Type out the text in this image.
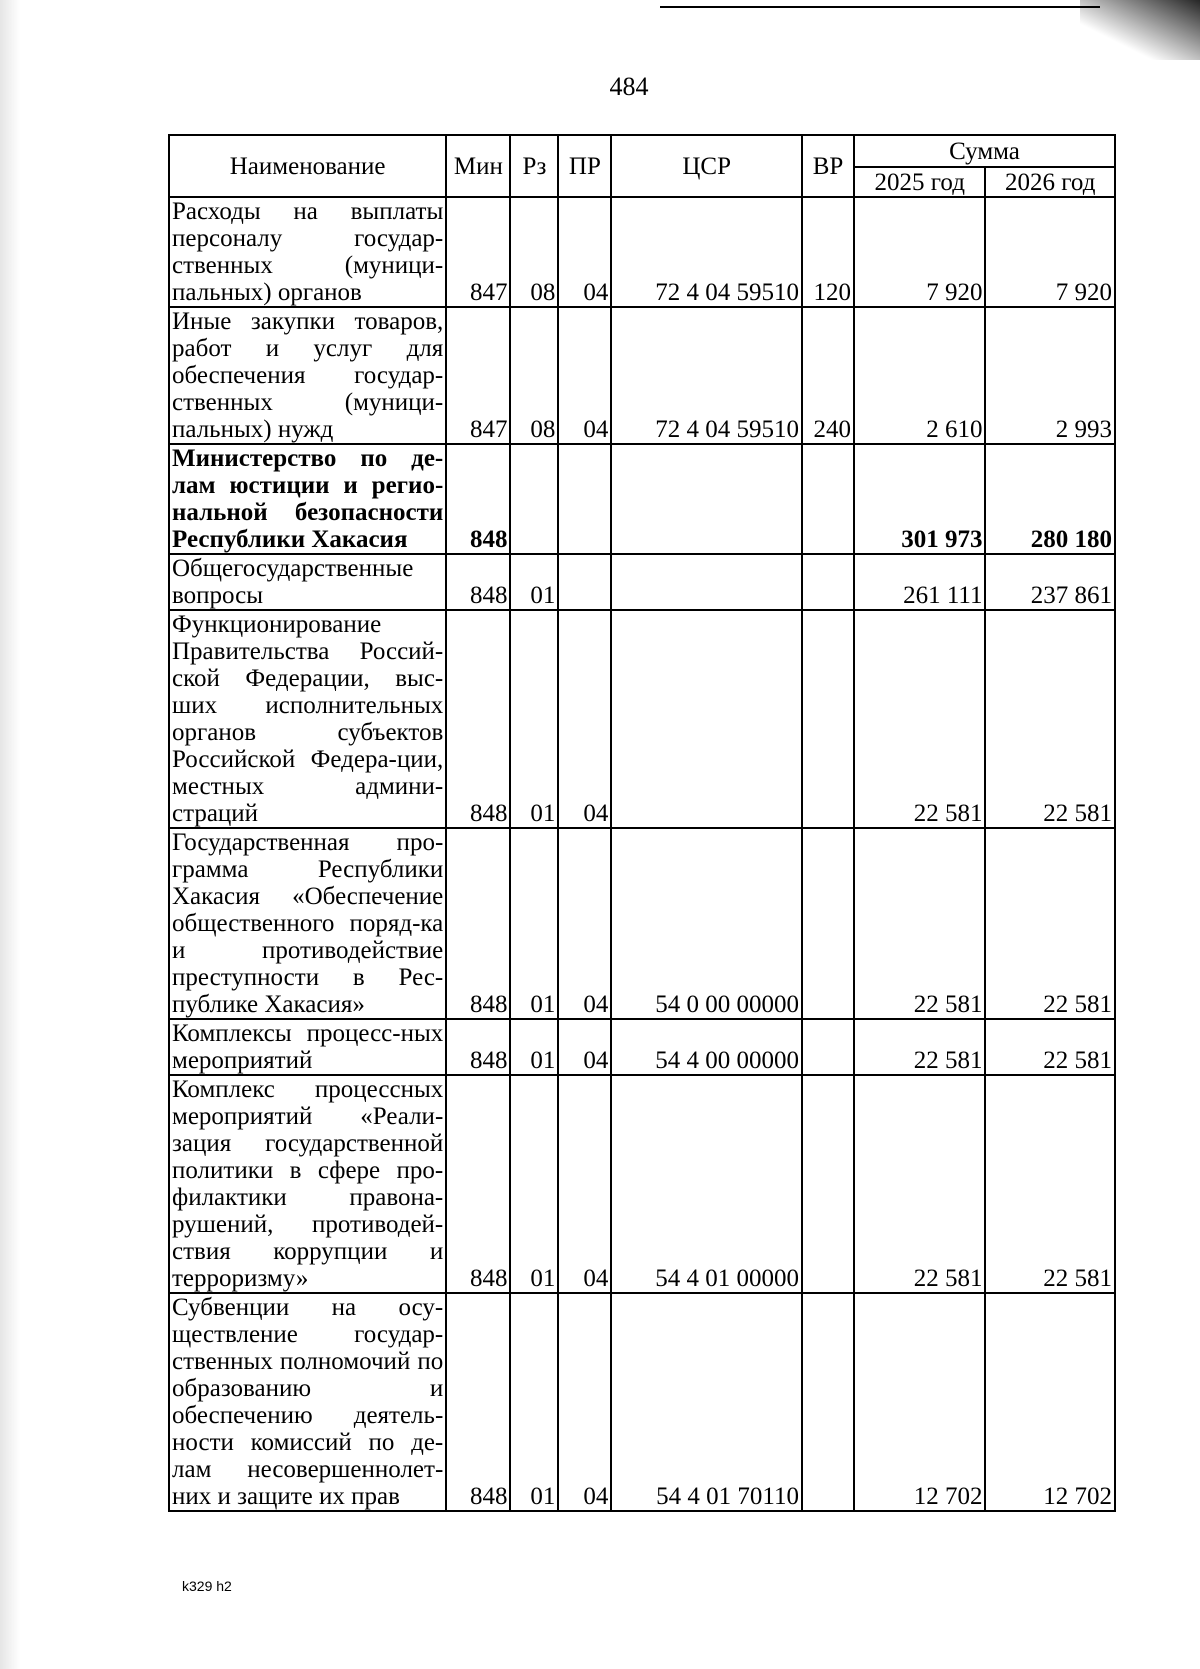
484
Наименование	Мин	Рз	ПР	ЦСР	ВР	Сумма	
						2025 год	2026 год
Расходы на выплаты персоналу государ-ственных (муници-пальных) органов	847	08	04	72 4 04 59510	120	7 920	7 920
Иные закупки товаров, работ и услуг для обеспечения государ-ственных (муници-пальных) нужд	847	08	04	72 4 04 59510	240	2 610	2 993
Министерство по де-лам юстиции и регио-нальной безопасности Республики Хакасия	848					301 973	280 180
Общегосударственные вопросы	848	01				261 111	237 861
Функционирование Правительства Россий-ской Федерации, выс-ших исполнительных органов субъектов Российской Федера-ции, местных админи-страций	848	01	04			22 581	22 581
Государственная про-грамма Республики Хакасия «Обеспечение общественного поряд-ка и противодействие преступности в Рес-публике Хакасия»	848	01	04	54 0 00 00000		22 581	22 581
Комплексы процесс-ных мероприятий	848	01	04	54 4 00 00000		22 581	22 581
Комплекс процессных мероприятий «Реали-зация государственной политики в сфере про-филактики правона-рушений, противодей-ствия коррупции и терроризму»	848	01	04	54 4 01 00000		22 581	22 581
Субвенции на осу-ществление государ-ственных полномочий по образованию и обеспечению деятель-ности комиссий по де-лам несовершеннолет-них и защите их прав	848	01	04	54 4 01 70110		12 702	12 702
k329 h2
